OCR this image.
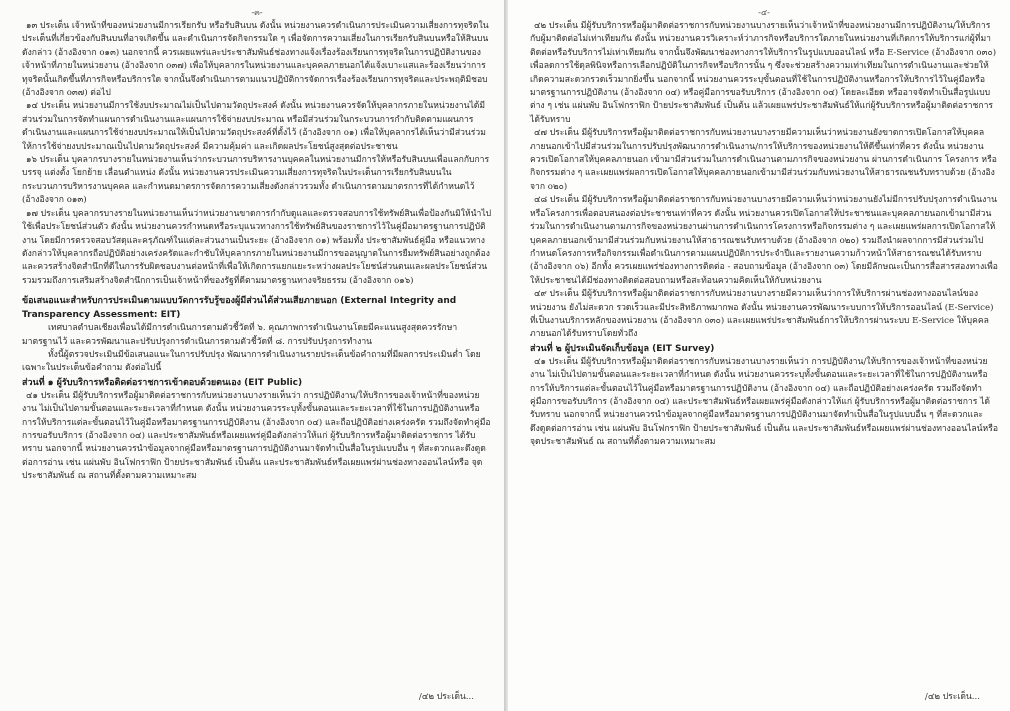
-๓-

๑๓ ประเด็น เจ้าหน้าที่ของหน่วยงานมีการเรียกรับ หรือรับสินบน ดังนั้น หน่วยงานควรดำเนินการประเมินความเสี่ยงการทุจริตในประเด็นที่เกี่ยวข้องกับสินบนที่อาจเกิดขึ้น และดำเนินการจัดกิจกรรมใด ๆ เพื่อจัดการความเสี่ยงในการเรียกรับสินบนหรือให้สินบนดังกล่าว (อ้างอิงจาก o๑๓) นอกจากนี้ ควรเผยแพร่และประชาสัมพันธ์ช่องทางแจ้งเรื่องร้องเรียนการทุจริตในการปฏิบัติงานของเจ้าหน้าที่ภายในหน่วยงาน (อ้างอิงจาก o๓๗) เพื่อให้บุคลากรในหน่วยงานและบุคคลภายนอกได้แจ้งเบาะแสและร้องเรียนว่าการทุจริตนั้นเกิดขึ้นที่ภารกิจหรือบริการใด จากนั้นจึงดำเนินการตามแนวปฏิบัติการจัดการเรื่องร้องเรียนการทุจริตและประพฤติมิชอบ (อ้างอิงจาก o๓๗) ต่อไป

๑๔ ประเด็น หน่วยงานมีการใช้งบประมาณไม่เป็นไปตามวัตถุประสงค์ ดังนั้น หน่วยงานควรจัดให้บุคลากรภายในหน่วยงานได้มีส่วนร่วมในการจัดทำแผนการดำเนินงานและแผนการใช้จ่ายงบประมาณ หรือมีส่วนร่วมในกระบวนการกำกับติดตามแผนการดำเนินงานและแผนการใช้จ่ายงบประมาณให้เป็นไปตามวัตถุประสงค์ที่ตั้งไว้ (อ้างอิงจาก o๑) เพื่อให้บุคลากรได้เห็นว่ามีส่วนร่วมให้การใช้จ่ายงบประมาณเป็นไปตามวัตถุประสงค์ มีความคุ้มค่า และเกิดผลประโยชน์สูงสุดต่อประชาชน

๑๖ ประเด็น บุคลากรบางรายในหน่วยงานเห็นว่ากระบวนการบริหารงานบุคคลในหน่วยงานมีการให้หรือรับสินบนเพื่อแลกกับการบรรจุ แต่งตั้ง โยกย้าย เลื่อนตำแหน่ง ดังนั้น หน่วยงานควรประเมินความเสี่ยงการทุจริตในประเด็นการเรียกรับสินบนในกระบวนการบริหารงานบุคคล และกำหนดมาตรการจัดการความเสี่ยงดังกล่าวรวมทั้ง ดำเนินการตามมาตรการที่ได้กำหนดไว้ (อ้างอิงจาก o๑๓)

๑๗ ประเด็น บุคลากรบางรายในหน่วยงานเห็นว่าหน่วยงานขาดการกำกับดูแลและตรวจสอบการใช้ทรัพย์สินเพื่อป้องกันมิให้นำไปใช้เพื่อประโยชน์ส่วนตัว ดังนั้น หน่วยงานควรกำหนดหรือระบุแนวทางการใช้ทรัพย์สินของราชการไว้ในคู่มือมาตรฐานการปฏิบัติงาน โดยมีการตรวจสอบวัสดุและครุภัณฑ์ในแต่ละส่วนงานเป็นระยะ (อ้างอิงจาก o๑) พร้อมทั้ง ประชาสัมพันธ์คู่มือ หรือแนวทางดังกล่าวให้บุคลากรถือปฏิบัติอย่างเคร่งครัดและกำชับให้บุคลากรภายในหน่วยงานมีการขออนุญาตในการยืมทรัพย์สินอย่างถูกต้อง และควรสร้างจิตสำนึกที่ดีในการรับผิดชอบงานต่อหน้าที่เพื่อให้เกิดการแยกแยะระหว่างผลประโยชน์ส่วนตนและผลประโยชน์ส่วนรวมรวมถึงการเสริมสร้างจิตสำนึกการเป็นเจ้าหน้าที่ของรัฐที่ดีตามมาตรฐานทางจริยธรรม (อ้างอิงจาก o๑๖)

ข้อเสนอแนะสำหรับการประเมินตามแบบวัดการรับรู้ของผู้มีส่วนได้ส่วนเสียภายนอก (External Integrity and Transparency Assessment: EIT)

เทศบาลตำบลเชียงเพื่อนได้มีการดำเนินการตามตัวชี้วัดที่ ๖. คุณภาพการดำเนินงานโดยมีคะแนนสูงสุดควรรักษามาตรฐานไว้ และควรพัฒนาและปรับปรุงการดำเนินการตามตัวชี้วัดที่ ๘. การปรับปรุงการทำงาน

ทั้งนี้ผู้ตรวจประเมินมีข้อเสนอแนะในการปรับปรุง พัฒนาการดำเนินงานรายประเด็นข้อคำถามที่มีผลการประเมินต่ำ โดยเฉพาะในประเด็นข้อคำถาม ดังต่อไปนี้

ส่วนที่ ๑ ผู้รับบริการหรือติดต่อราชการเข้าตอบด้วยตนเอง (EIT Public)

๔๑ ประเด็น มีผู้รับบริการหรือผู้มาติดต่อราชการกับหน่วยงานบางรายเห็นว่า การปฏิบัติงาน/ให้บริการของเจ้าหน้าที่ของหน่วยงาน ไม่เป็นไปตามขั้นตอนและระยะเวลาที่กำหนด ดังนั้น หน่วยงานควรระบุทั้งขั้นตอนและระยะเวลาที่ใช้ในการปฏิบัติงานหรือการให้บริการแต่ละขั้นตอนไว้ในคู่มือหรือมาตรฐานการปฏิบัติงาน (อ้างอิงจาก o๔) และถือปฏิบัติอย่างเคร่งครัด รวมถึงจัดทำคู่มือการขอรับบริการ (อ้างอิงจาก o๔) และประชาสัมพันธ์หรือเผยแพร่คู่มือดังกล่าวให้แก่ ผู้รับบริการหรือผู้มาติดต่อราชการ ได้รับทราบ นอกจากนี้ หน่วยงานควรนำข้อมูลจากคู่มือหรือมาตรฐานการปฏิบัติงานมาจัดทำเป็นสื่อในรูปแบบอื่น ๆ ที่สะดวกและดึงดูดต่อการอ่าน เช่น แผ่นพับ อินโฟกราฟิก ป้ายประชาสัมพันธ์ เป็นต้น และประชาสัมพันธ์หรือเผยแพร่ผ่านช่องทางออนไลน์หรือ จุดประชาสัมพันธ์ ณ สถานที่ตั้งตามความเหมาะสม

/๔๒ ประเด็น...
-๔-

๔๒ ประเด็น มีผู้รับบริการหรือผู้มาติดต่อราชการกับหน่วยงานบางรายเห็นว่าเจ้าหน้าที่ของหน่วยงานมีการปฏิบัติงาน/ให้บริการกับผู้มาติดต่อไม่เท่าเทียมกัน ดังนั้น หน่วยงานควรวิเคราะห์ว่าภารกิจหรือบริการใดภายในหน่วยงานที่เกิดการให้บริการแก่ผู้ที่มาติดต่อหรือรับบริการไม่เท่าเทียมกัน จากนั้นจึงพัฒนาช่องทางการให้บริการในรูปแบบออนไลน์ หรือ E-Service (อ้างอิงจาก o๓๐) เพื่อลดการใช้ดุลพินิจหรือการเลือกปฏิบัติในภารกิจหรือบริการนั้น ๆ ซึ่งจะช่วยสร้างความเท่าเทียมในการดำเนินงานและช่วยให้เกิดความสะดวกรวดเร็วมากยิ่งขึ้น นอกจากนี้ หน่วยงานควรระบุขั้นตอนที่ใช้ในการปฏิบัติงานหรือการให้บริการไว้ในคู่มือหรือมาตรฐานการปฏิบัติงาน (อ้างอิงจาก o๔) หรือคู่มือการขอรับบริการ (อ้างอิงจาก o๔) โดยละเอียด หรืออาจจัดทำเป็นสื่อรูปแบบต่าง ๆ เช่น แผ่นพับ อินโฟกราฟิก ป้ายประชาสัมพันธ์ เป็นต้น แล้วเผยแพร่ประชาสัมพันธ์ให้แก่ผู้รับบริการหรือผู้มาติดต่อราชการ ได้รับทราบ

๔๗ ประเด็น มีผู้รับบริการหรือผู้มาติดต่อราชการกับหน่วยงานบางรายมีความเห็นว่าหน่วยงานยังขาดการเปิดโอกาสให้บุคคลภายนอกเข้าไปมีส่วนร่วมในการปรับปรุงพัฒนาการดำเนินงาน/การให้บริการของหน่วยงานให้ดีขึ้นเท่าที่ควร ดังนั้น หน่วยงานควรเปิดโอกาสให้บุคคลภายนอก เข้ามามีส่วนร่วมในการดำเนินงานตามภารกิจของหน่วยงาน ผ่านการดำเนินการ โครงการ หรือกิจกรรมต่าง ๆ และเผยแพร่ผลการเปิดโอกาสให้บุคคลภายนอกเข้ามามีส่วนร่วมกับหน่วยงานให้สาธารณชนรับทราบด้วย (อ้างอิงจาก o๒๐)

๔๘ ประเด็น มีผู้รับบริการหรือผู้มาติดต่อราชการกับหน่วยงานบางรายมีความเห็นว่าหน่วยงานยังไม่มีการปรับปรุงการดำเนินงานหรือโครงการเพื่อตอบสนองต่อประชาชนเท่าที่ควร ดังนั้น หน่วยงานควรเปิดโอกาสให้ประชาชนและบุคคลภายนอกเข้ามามีส่วนร่วมในการดำเนินงานตามภารกิจของหน่วยงานผ่านการดำเนินการโครงการหรือกิจกรรมต่าง ๆ และเผยแพร่ผลการเปิดโอกาสให้บุคคลภายนอกเข้ามามีส่วนร่วมกับหน่วยงานให้สาธารณชนรับทราบด้วย (อ้างอิงจาก o๒๐) รวมถึงนำผลจากการมีส่วนร่วมไปกำหนดโครงการหรือกิจกรรมเพื่อดำเนินการตามแผนปฏิบัติการประจำปีและรายงานความก้าวหน้าให้สาธารณชนได้รับทราบ (อ้างอิงจาก o๖) อีกทั้ง ควรเผยแพร่ช่องทางการติดต่อ - สอบถามข้อมูล (อ้างอิงจาก o๓) โดยมีลักษณะเป็นการสื่อสารสองทางเพื่อให้ประชาชนได้มีช่องทางติดต่อสอบถามหรือสะท้อนความคิดเห็นให้กับหน่วยงาน

๔๙ ประเด็น มีผู้รับบริการหรือผู้มาติดต่อราชการกับหน่วยงานบางรายมีความเห็นว่าการให้บริการผ่านช่องทางออนไลน์ของหน่วยงาน ยังไม่สะดวก รวดเร็วและมีประสิทธิภาพมากพอ ดังนั้น หน่วยงานควรพัฒนาระบบการให้บริการออนไลน์ (E-Service) ที่เป็นงานบริการหลักของหน่วยงาน (อ้างอิงจาก o๓๐) และเผยแพร่ประชาสัมพันธ์การให้บริการผ่านระบบ E-Service ให้บุคคลภายนอกได้รับทราบโดยทั่วถึง

ส่วนที่ ๒ ผู้ประเมินจัดเก็บข้อมูล (EIT Survey)

๔๑ ประเด็น มีผู้รับบริการหรือผู้มาติดต่อราชการกับหน่วยงานบางรายเห็นว่า การปฏิบัติงาน/ให้บริการของเจ้าหน้าที่ของหน่วยงาน ไม่เป็นไปตามขั้นตอนและระยะเวลาที่กำหนด ดังนั้น หน่วยงานควรระบุทั้งขั้นตอนและระยะเวลาที่ใช้ในการปฏิบัติงานหรือการให้บริการแต่ละขั้นตอนไว้ในคู่มือหรือมาตรฐานการปฏิบัติงาน (อ้างอิงจาก o๔) และถือปฏิบัติอย่างเคร่งครัด รวมถึงจัดทำคู่มือการขอรับบริการ (อ้างอิงจาก o๔) และประชาสัมพันธ์หรือเผยแพร่คู่มือดังกล่าวให้แก่ ผู้รับบริการหรือผู้มาติดต่อราชการ ได้รับทราบ นอกจากนี้ หน่วยงานควรนำข้อมูลจากคู่มือหรือมาตรฐานการปฏิบัติงานมาจัดทำเป็นสื่อในรูปแบบอื่น ๆ ที่สะดวกและดึงดูดต่อการอ่าน เช่น แผ่นพับ อินโฟกราฟิก ป้ายประชาสัมพันธ์ เป็นต้น และประชาสัมพันธ์หรือเผยแพร่ผ่านช่องทางออนไลน์หรือ จุดประชาสัมพันธ์ ณ สถานที่ตั้งตามความเหมาะสม

/๔๒ ประเด็น...
